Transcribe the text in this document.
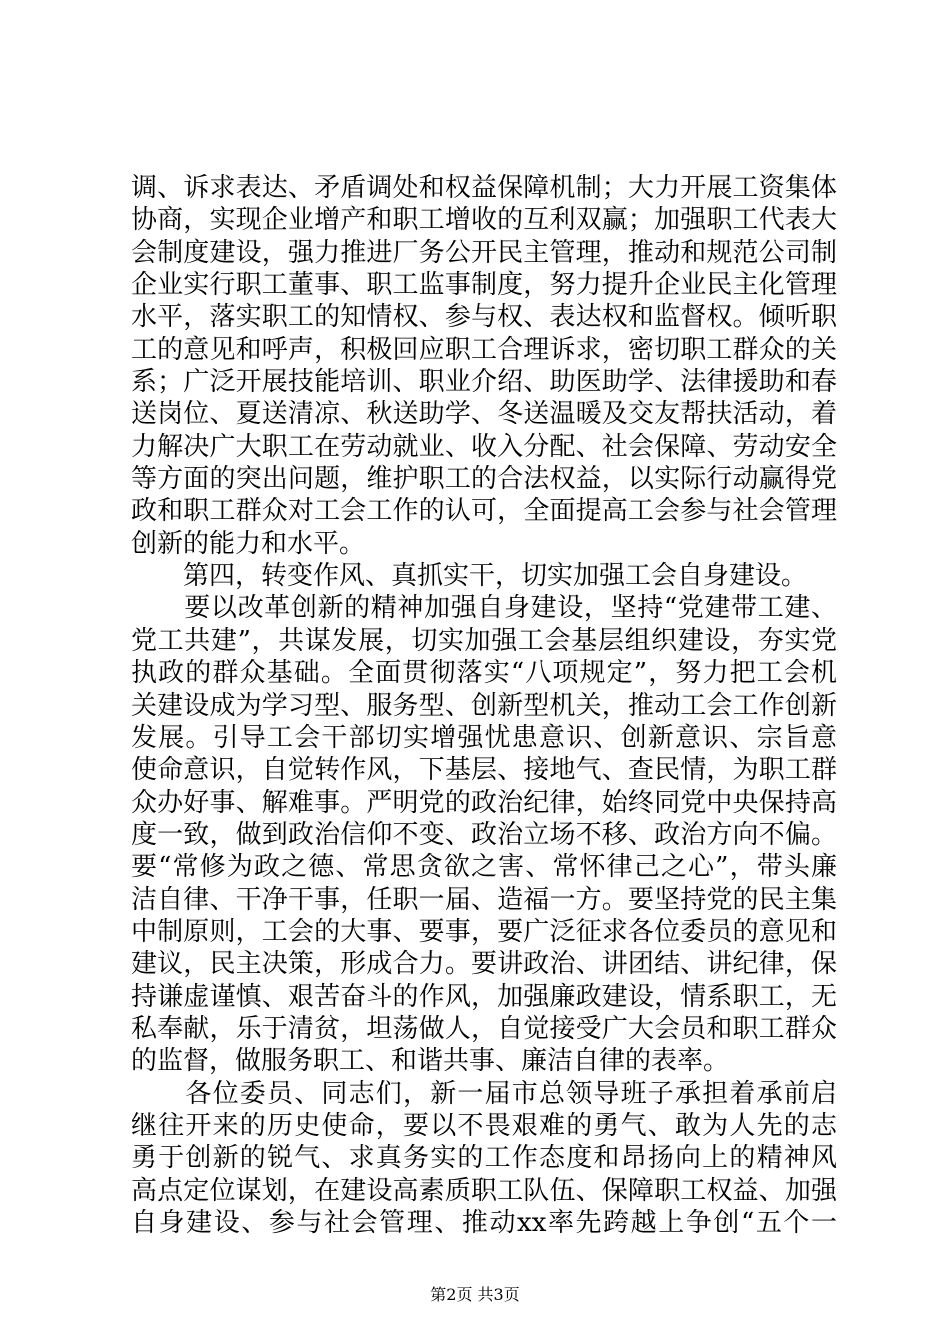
调、诉求表达、矛盾调处和权益保障机制；大力开展工资集体
协商，实现企业增产和职工增收的互利双赢；加强职工代表大
会制度建设，强力推进厂务公开民主管理，推动和规范公司制
企业实行职工董事、职工监事制度，努力提升企业民主化管理
水平，落实职工的知情权、参与权、表达权和监督权。倾听职
工的意见和呼声，积极回应职工合理诉求，密切职工群众的关
系；广泛开展技能培训、职业介绍、助医助学、法律援助和春
送岗位、夏送清凉、秋送助学、冬送温暖及交友帮扶活动，着
力解决广大职工在劳动就业、收入分配、社会保障、劳动安全
等方面的突出问题，维护职工的合法权益，以实际行动赢得党
政和职工群众对工会工作的认可，全面提高工会参与社会管理
创新的能力和水平。
　　第四，转变作风、真抓实干，切实加强工会自身建设。
　　要以改革创新的精神加强自身建设，坚持“党建带工建、
党工共建”，共谋发展，切实加强工会基层组织建设，夯实党
执政的群众基础。全面贯彻落实“八项规定”，努力把工会机
关建设成为学习型、服务型、创新型机关，推动工会工作创新
发展。引导工会干部切实增强忧患意识、创新意识、宗旨意
使命意识，自觉转作风，下基层、接地气、查民情，为职工群
众办好事、解难事。严明党的政治纪律，始终同党中央保持高
度一致，做到政治信仰不变、政治立场不移、政治方向不偏。
要“常修为政之德、常思贪欲之害、常怀律己之心”，带头廉
洁自律、干净干事，任职一届、造福一方。要坚持党的民主集
中制原则，工会的大事、要事，要广泛征求各位委员的意见和
建议，民主决策，形成合力。要讲政治、讲团结、讲纪律，保
持谦虚谨慎、艰苦奋斗的作风，加强廉政建设，情系职工，无
私奉献，乐于清贫，坦荡做人，自觉接受广大会员和职工群众
的监督，做服务职工、和谐共事、廉洁自律的表率。
　　各位委员、同志们，新一届市总领导班子承担着承前启
继往开来的历史使命，要以不畏艰难的勇气、敢为人先的志
勇于创新的锐气、求真务实的工作态度和昂扬向上的精神风
高点定位谋划，在建设高素质职工队伍、保障职工权益、加强
自身建设、参与社会管理、推动xx率先跨越上争创“五个一
第2页 共3页
